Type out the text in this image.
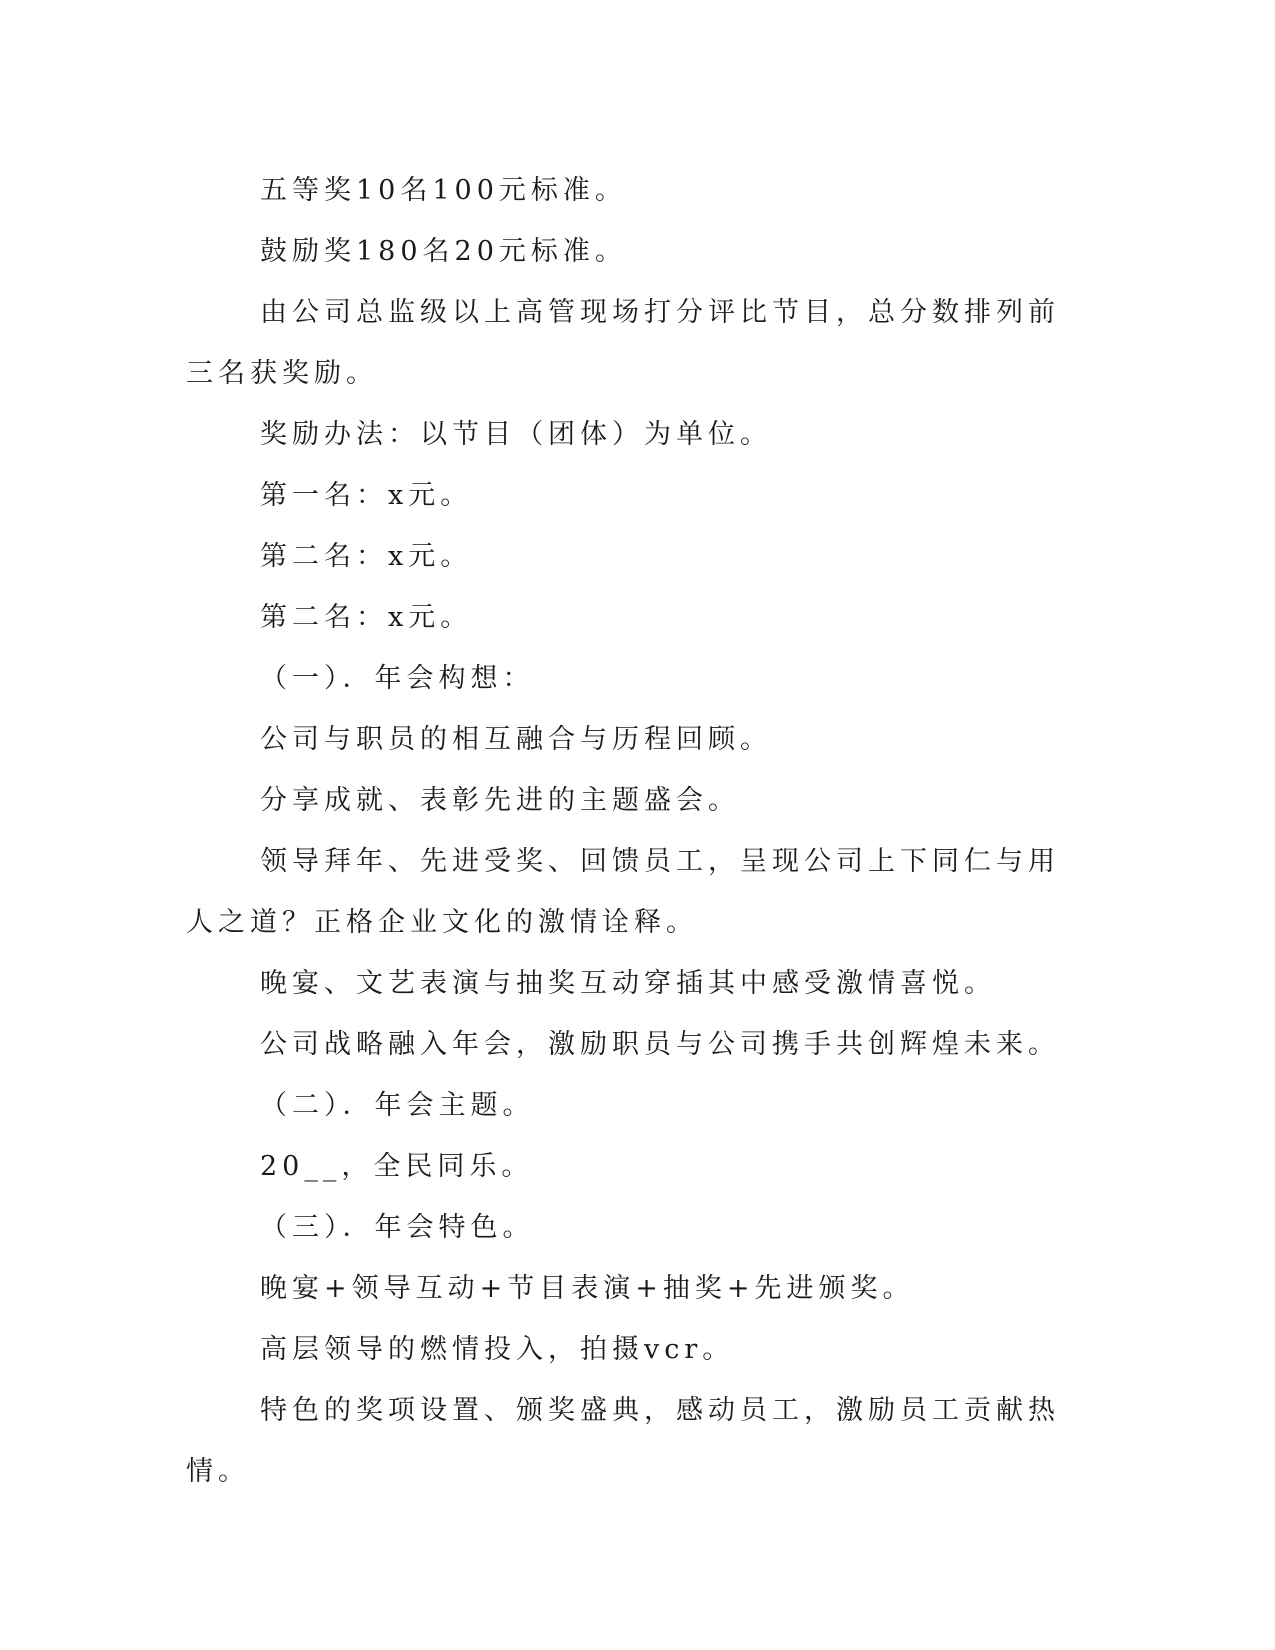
五等奖10名100元标准。

鼓励奖180名20元标准。

由公司总监级以上高管现场打分评比节目，总分数排列前三名获奖励。

奖励办法：以节目（团体）为单位。

第一名：x元。

第二名：x元。

第二名：x元。

（一）．年会构想：

公司与职员的相互融合与历程回顾。

分享成就、表彰先进的主题盛会。

领导拜年、先进受奖、回馈员工，呈现公司上下同仁与用人之道？正格企业文化的激情诠释。

晚宴、文艺表演与抽奖互动穿插其中感受激情喜悦。

公司战略融入年会，激励职员与公司携手共创辉煌未来。

（二）．年会主题。

20__，全民同乐。

（三）．年会特色。

晚宴+领导互动+节目表演+抽奖+先进颁奖。

高层领导的燃情投入，拍摄vcr。

特色的奖项设置、颁奖盛典，感动员工，激励员工贡献热情。
